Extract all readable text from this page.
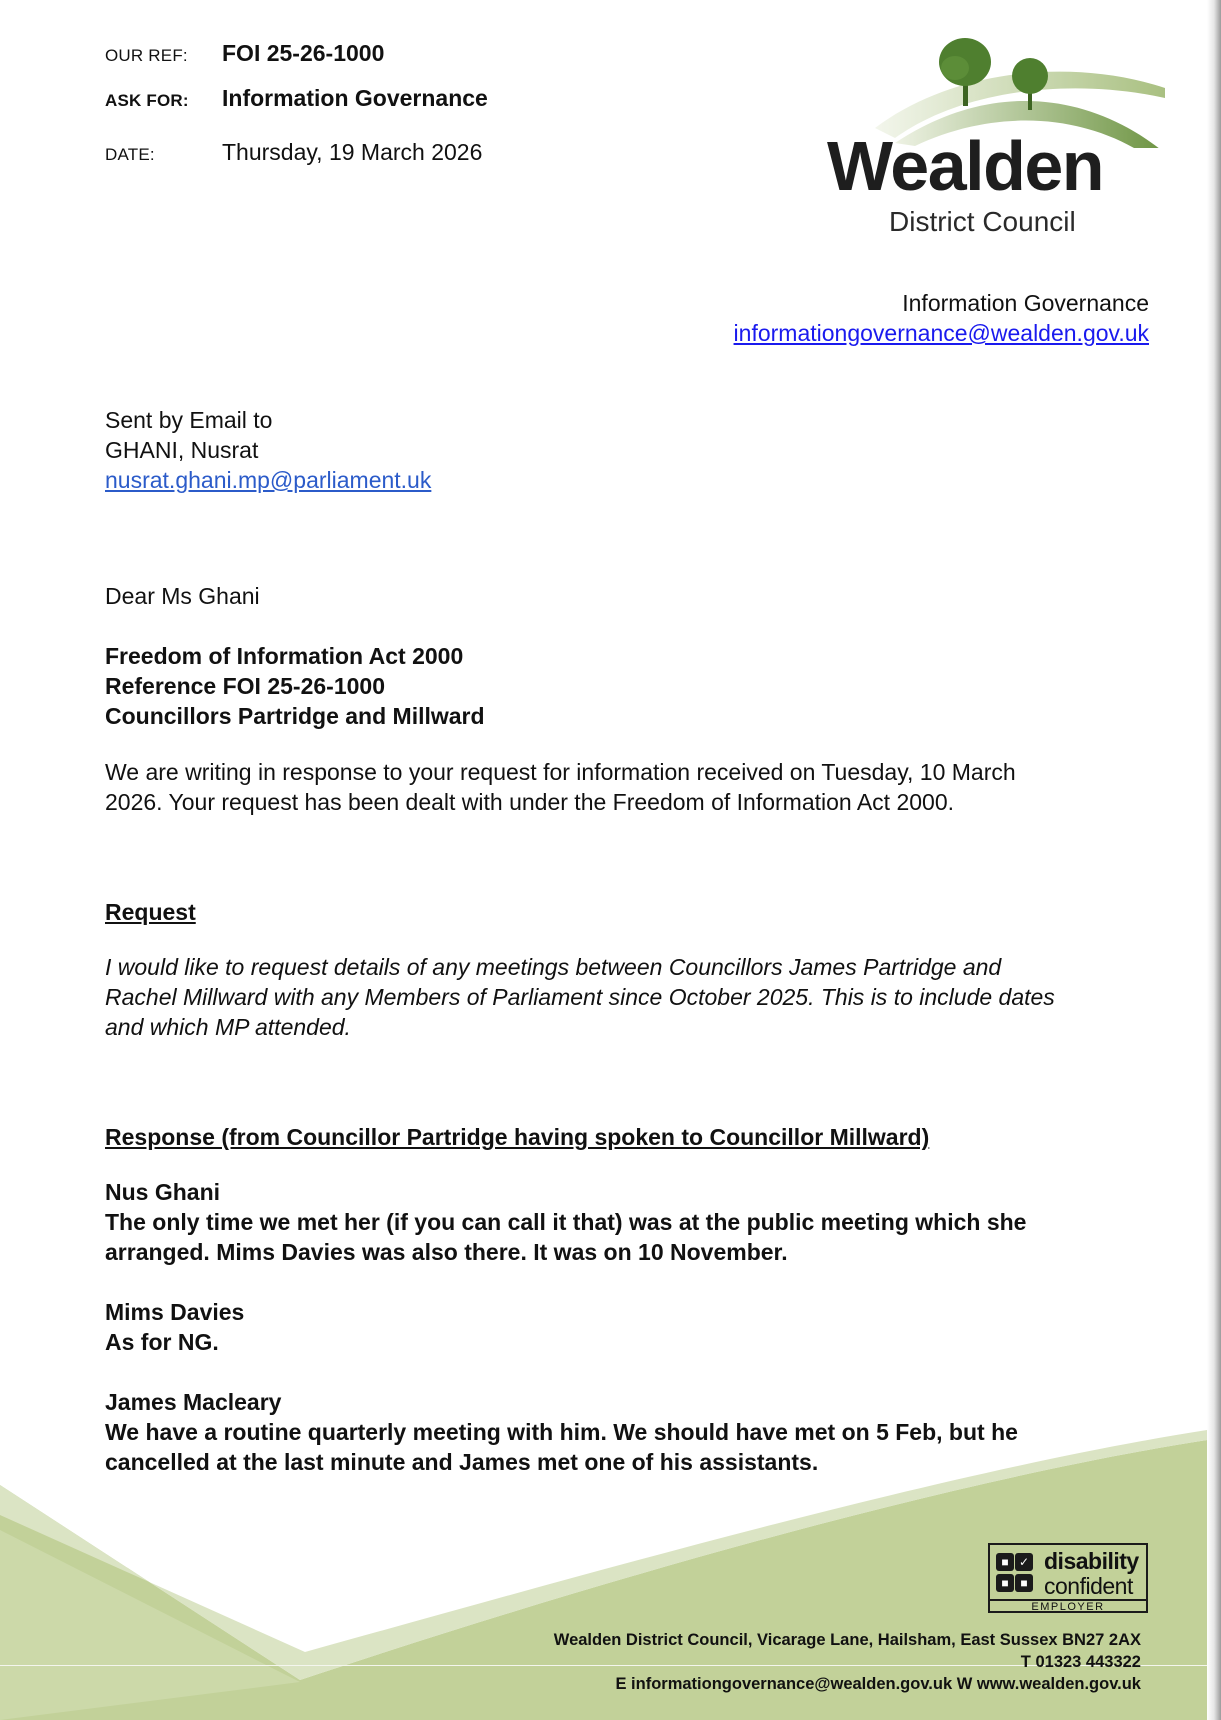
OUR REF:	FOI 25-26-1000
ASK FOR:	Information Governance
DATE:	Thursday, 19 March 2026	Wealden
District Council
Information Governance
informationgovernance@wealden.gov.uk
Sent by Email to
GHANI, Nusrat
nusrat.ghani.mp@parliament.uk
Dear Ms Ghani
Freedom of Information Act 2000
Reference FOI 25-26-1000
Councillors Partridge and Millward
We are writing in response to your request for information received on Tuesday, 10 March
2026. Your request has been dealt with under the Freedom of Information Act 2000.
Request
I would like to request details of any meetings between Councillors James Partridge and
Rachel Millward with any Members of Parliament since October 2025. This is to include dates
and which MP attended.
Response (from Councillor Partridge having spoken to Councillor Millward)
Nus Ghani
The only time we met her (if you can call it that) was at the public meeting which she
arranged. Mims Davies was also there. It was on 10 November.
Mims Davies
As for NG.
James Macleary
We have a routine quarterly meeting with him. We should have met on 5 Feb, but he
cancelled at the last minute and James met one of his assistants.
■ ✓ ■ ■
disability
confident
EMPLOYER
Wealden District Council, Vicarage Lane, Hailsham, East Sussex BN27 2AX
T 01323 443322
E informationgovernance@wealden.gov.uk W www.wealden.gov.uk
